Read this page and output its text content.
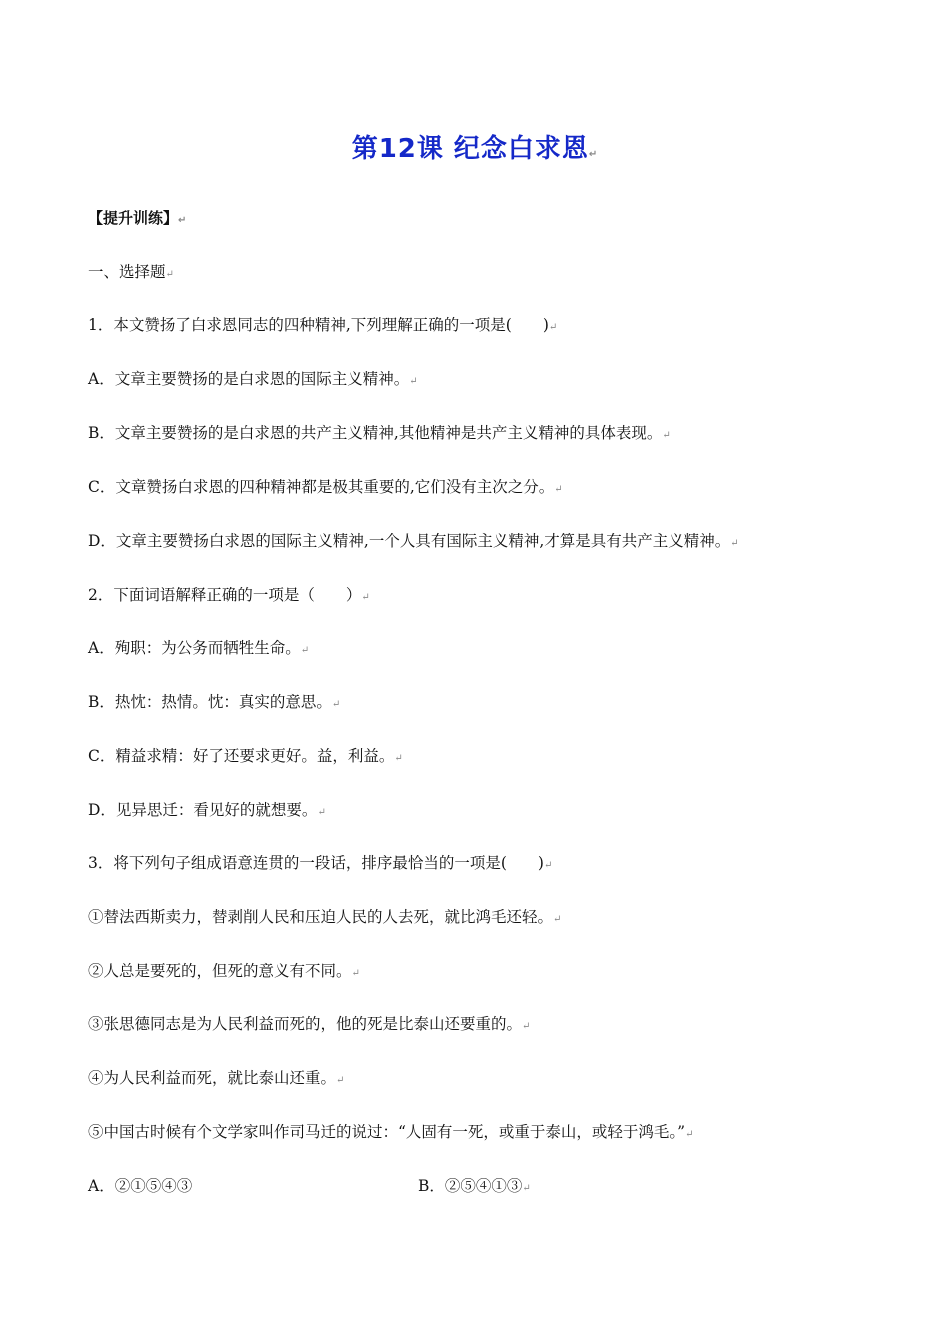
第12课 纪念白求恩↵
【提升训练】↵
一、选择题↵
1．本文赞扬了白求恩同志的四种精神,下列理解正确的一项是(　　)↵
A．文章主要赞扬的是白求恩的国际主义精神。↵
B．文章主要赞扬的是白求恩的共产主义精神,其他精神是共产主义精神的具体表现。↵
C．文章赞扬白求恩的四种精神都是极其重要的,它们没有主次之分。↵
D．文章主要赞扬白求恩的国际主义精神,一个人具有国际主义精神,才算是具有共产主义精神。↵
2．下面词语解释正确的一项是（　　）↵
A．殉职：为公务而牺牲生命。↵
B．热忱：热情。忱：真实的意思。↵
C．精益求精：好了还要求更好。益，利益。↵
D．见异思迁：看见好的就想要。↵
3．将下列句子组成语意连贯的一段话，排序最恰当的一项是(　　)↵
①替法西斯卖力，替剥削人民和压迫人民的人去死，就比鸿毛还轻。↵
②人总是要死的，但死的意义有不同。↵
③张思德同志是为人民利益而死的，他的死是比泰山还要重的。↵
④为人民利益而死，就比泰山还重。↵
⑤中国古时候有个文学家叫作司马迁的说过：“人固有一死，或重于泰山，或轻于鸿毛。”↵
A．②①⑤④③	B．②⑤④①③↵
